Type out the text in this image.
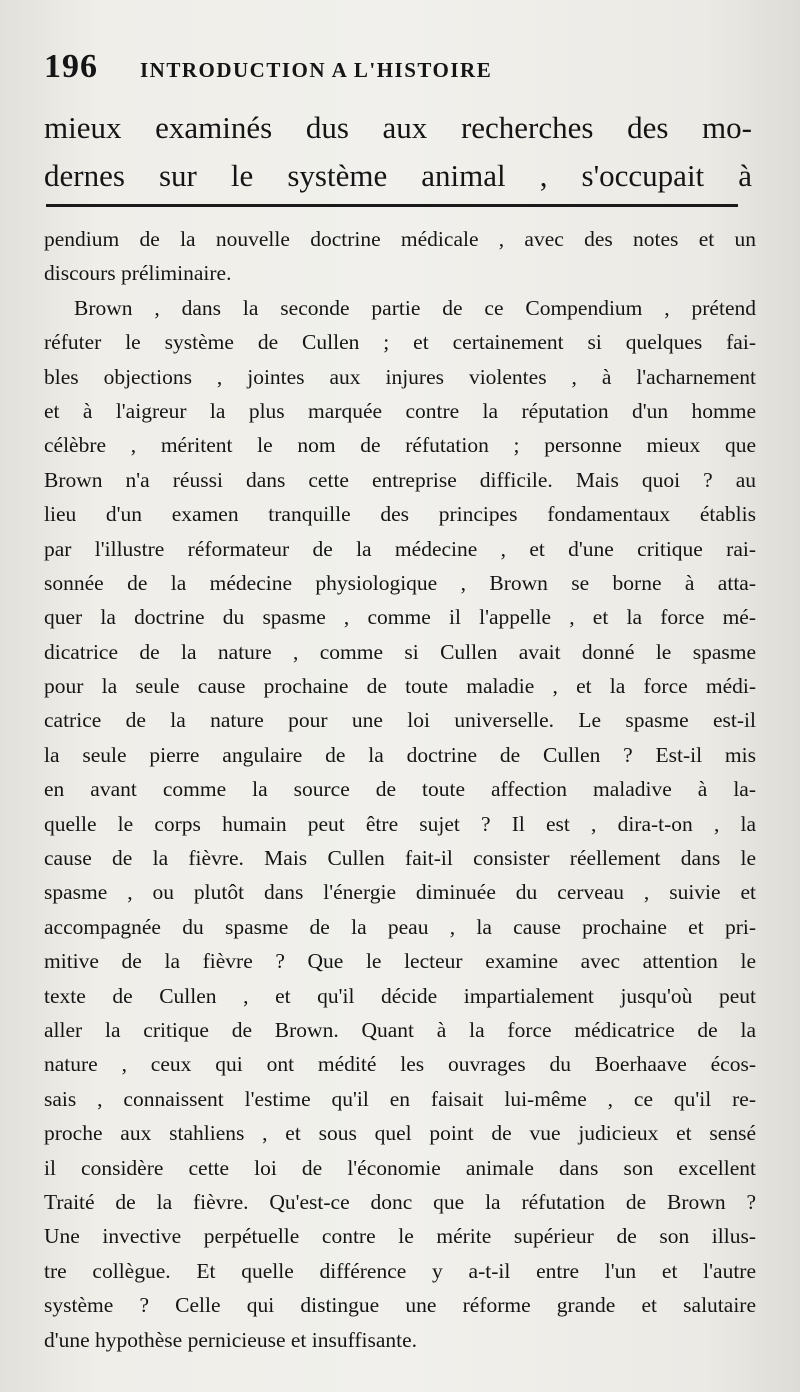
196 INTRODUCTION A L'HISTOIRE
mieux examinés dus aux recherches des mo-
dernes sur le système animal , s'occupait à
pendium de la nouvelle doctrine médicale , avec des notes et un
discours préliminaire.
Brown , dans la seconde partie de ce Compendium , prétend
réfuter le système de Cullen ; et certainement si quelques fai-
bles objections , jointes aux injures violentes , à l'acharnement
et à l'aigreur la plus marquée contre la réputation d'un homme
célèbre , méritent le nom de réfutation ; personne mieux que
Brown n'a réussi dans cette entreprise difficile. Mais quoi ? au
lieu d'un examen tranquille des principes fondamentaux établis
par l'illustre réformateur de la médecine , et d'une critique rai-
sonnée de la médecine physiologique , Brown se borne à atta-
quer la doctrine du spasme , comme il l'appelle , et la force mé-
dicatrice de la nature , comme si Cullen avait donné le spasme
pour la seule cause prochaine de toute maladie , et la force médi-
catrice de la nature pour une loi universelle. Le spasme est-il
la seule pierre angulaire de la doctrine de Cullen ? Est-il mis
en avant comme la source de toute affection maladive à la-
quelle le corps humain peut être sujet ? Il est , dira-t-on , la
cause de la fièvre. Mais Cullen fait-il consister réellement dans le
spasme , ou plutôt dans l'énergie diminuée du cerveau , suivie et
accompagnée du spasme de la peau , la cause prochaine et pri-
mitive de la fièvre ? Que le lecteur examine avec attention le
texte de Cullen , et qu'il décide impartialement jusqu'où peut
aller la critique de Brown. Quant à la force médicatrice de la
nature , ceux qui ont médité les ouvrages du Boerhaave écos-
sais , connaissent l'estime qu'il en faisait lui-même , ce qu'il re-
proche aux stahliens , et sous quel point de vue judicieux et sensé
il considère cette loi de l'économie animale dans son excellent
Traité de la fièvre. Qu'est-ce donc que la réfutation de Brown ?
Une invective perpétuelle contre le mérite supérieur de son illus-
tre collègue. Et quelle différence y a-t-il entre l'un et l'autre
système ? Celle qui distingue une réforme grande et salutaire
d'une hypothèse pernicieuse et insuffisante.
